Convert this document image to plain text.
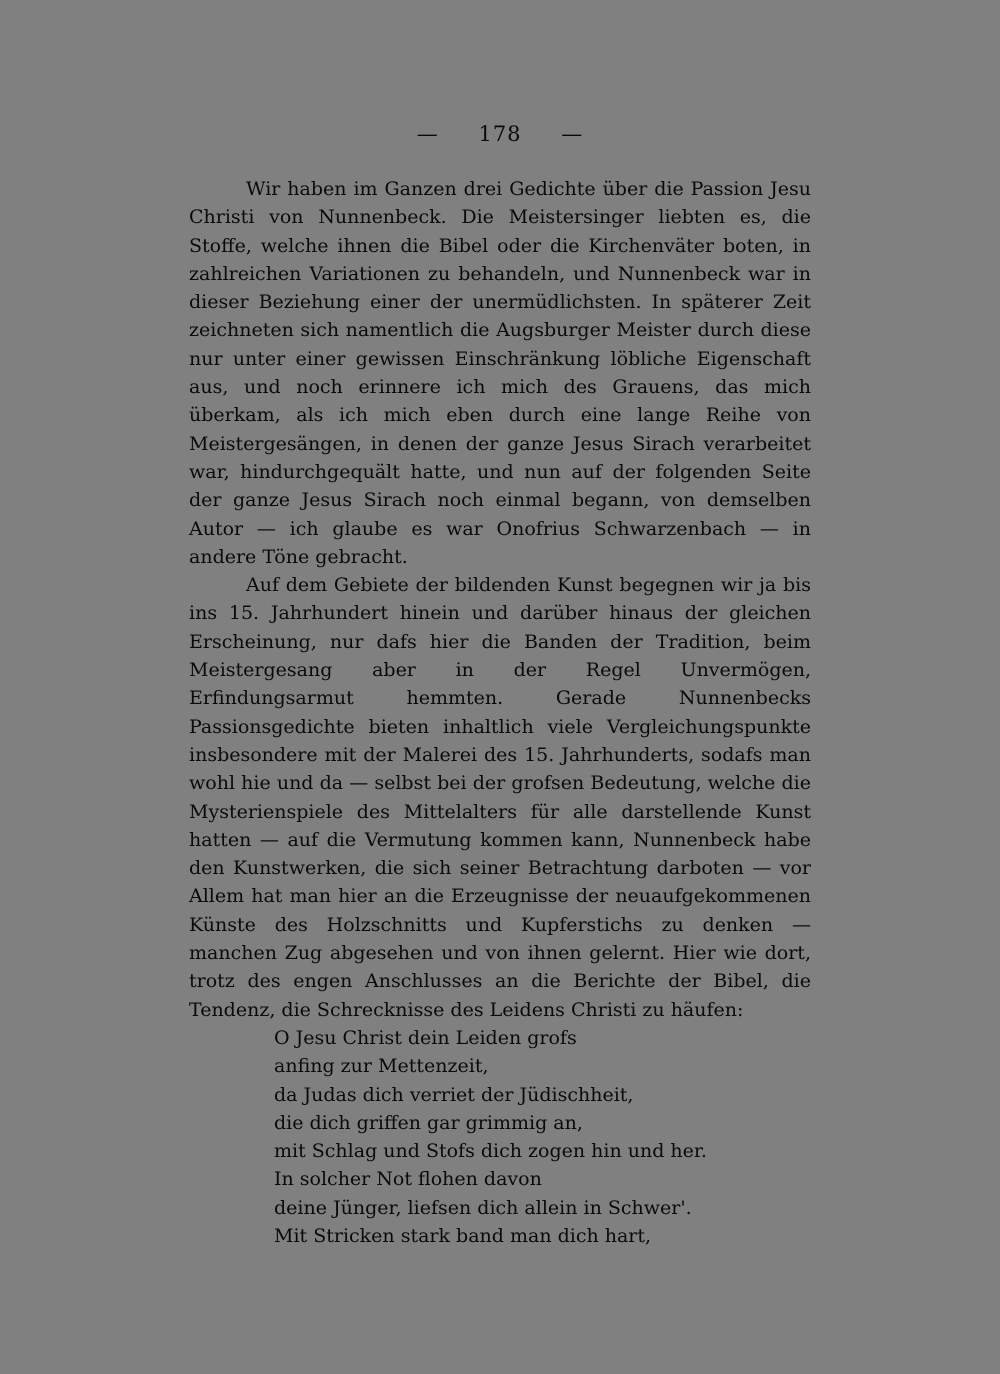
— 178 —

Wir haben im Ganzen drei Gedichte über die Passion Jesu Christi von Nunnenbeck. Die Meistersinger liebten es, die Stoffe, welche ihnen die Bibel oder die Kirchenväter boten, in zahlreichen Variationen zu behandeln, und Nunnenbeck war in dieser Beziehung einer der unermüdlichsten. In späterer Zeit zeichneten sich namentlich die Augsburger Meister durch diese nur unter einer gewissen Einschränkung löbliche Eigenschaft aus, und noch erinnere ich mich des Grauens, das mich überkam, als ich mich eben durch eine lange Reihe von Meistergesängen, in denen der ganze Jesus Sirach verarbeitet war, hindurchgequält hatte, und nun auf der folgenden Seite der ganze Jesus Sirach noch einmal begann, von demselben Autor — ich glaube es war Onofrius Schwarzenbach — in andere Töne gebracht.

Auf dem Gebiete der bildenden Kunst begegnen wir ja bis ins 15. Jahrhundert hinein und darüber hinaus der gleichen Erscheinung, nur dafs hier die Banden der Tradition, beim Meistergesang aber in der Regel Unvermögen, Erfindungsarmut hemmten. Gerade Nunnenbecks Passionsgedichte bieten inhaltlich viele Vergleichungspunkte insbesondere mit der Malerei des 15. Jahrhunderts, sodafs man wohl hie und da — selbst bei der grofsen Bedeutung, welche die Mysterienspiele des Mittelalters für alle darstellende Kunst hatten — auf die Vermutung kommen kann, Nunnenbeck habe den Kunstwerken, die sich seiner Betrachtung darboten — vor Allem hat man hier an die Erzeugnisse der neuaufgekommenen Künste des Holzschnitts und Kupferstichs zu denken — manchen Zug abgesehen und von ihnen gelernt. Hier wie dort, trotz des engen Anschlusses an die Berichte der Bibel, die Tendenz, die Schrecknisse des Leidens Christi zu häufen:

O Jesu Christ dein Leiden grofs
anfing zur Mettenzeit,
da Judas dich verriet der Jüdischheit,
die dich griffen gar grimmig an,
mit Schlag und Stofs dich zogen hin und her.
In solcher Not flohen davon
deine Jünger, liefsen dich allein in Schwer'.
Mit Stricken stark band man dich hart,
